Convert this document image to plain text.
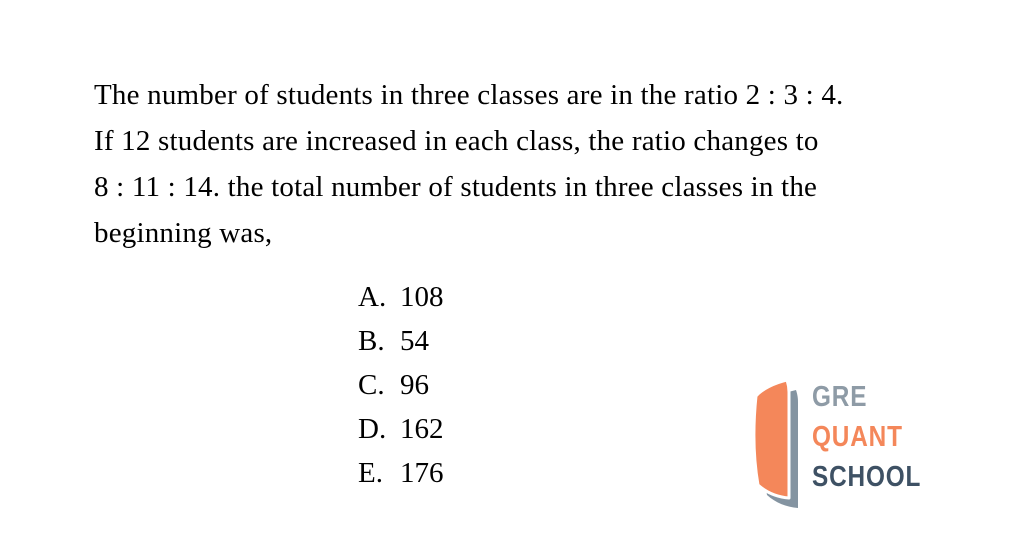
The number of students in three classes are in the ratio 2 : 3 : 4.
If 12 students are increased in each class, the ratio changes to
8 : 11 : 14. the total number of students in three classes in the
beginning was,
A. 108
B. 54
C. 96
D. 162
E. 176
GRE
QUANT
SCHOOL
